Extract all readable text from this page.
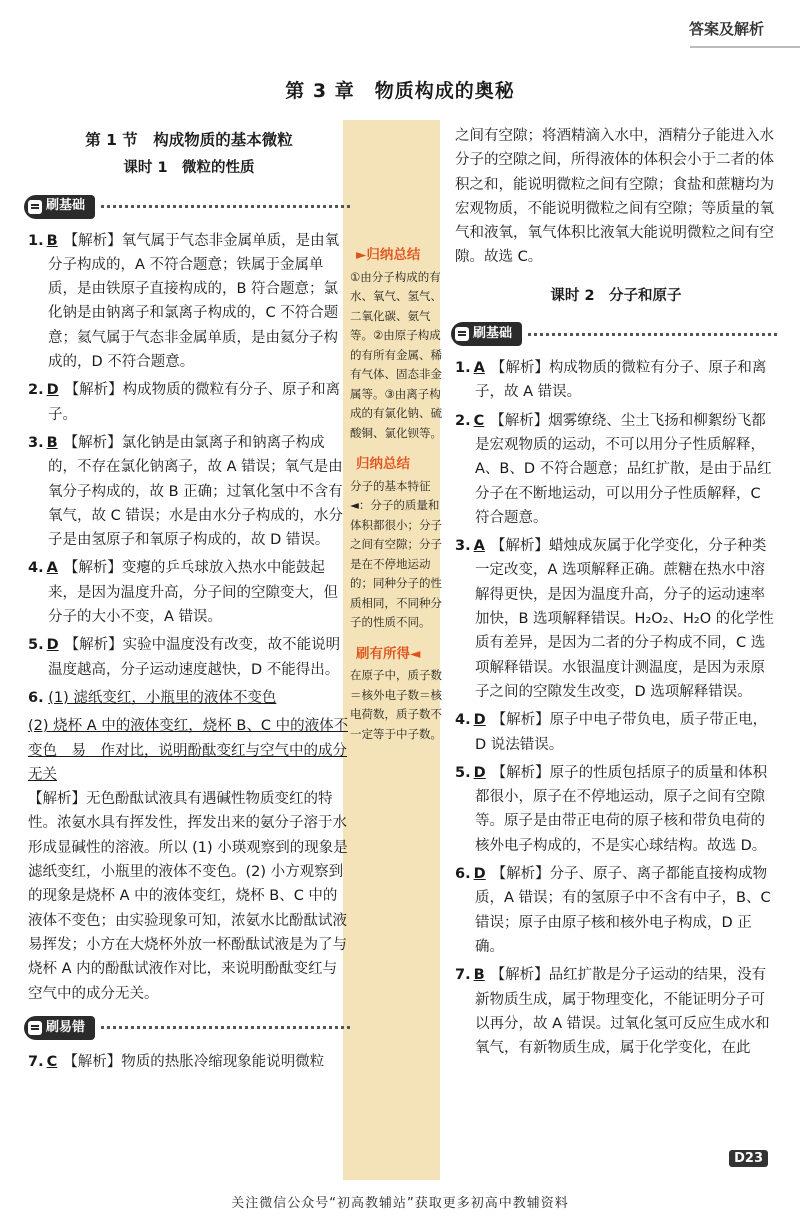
答案及解析
第 3 章　物质构成的奥秘
►归纳总结

①由分子构成的有水、氧气、氢气、二氧化碳、氨气等。②由原子构成的有所有金属、稀有气体、固态非金属等。③由离子构成的有氯化钠、硫酸铜、氯化钡等。

归纳总结

分子的基本特征◄：分子的质量和体积都很小；分子之间有空隙；分子是在不停地运动的；同种分子的性质相同，不同种分子的性质不同。

刷有所得◄

在原子中，质子数＝核外电子数＝核电荷数，质子数不一定等于中子数。

第 1 节　构成物质的基本微粒
课时 1　微粒的性质
刷基础
1. B 【解析】氧气属于气态非金属单质，是由氧分子构成的，A 不符合题意；铁属于金属单质，是由铁原子直接构成的，B 符合题意；氯化钠是由钠离子和氯离子构成的，C 不符合题意；氦气属于气态非金属单质，是由氦分子构成的，D 不符合题意。
2. D 【解析】构成物质的微粒有分子、原子和离子。
3. B 【解析】氯化钠是由氯离子和钠离子构成的，不存在氯化钠离子，故 A 错误；氧气是由氧分子构成的，故 B 正确；过氧化氢中不含有氧气，故 C 错误；水是由水分子构成的，水分子是由氢原子和氧原子构成的，故 D 错误。
4. A 【解析】变瘪的乒乓球放入热水中能鼓起来，是因为温度升高，分子间的空隙变大，但分子的大小不变，A 错误。
5. D 【解析】实验中温度没有改变，故不能说明温度越高，分子运动速度越快，D 不能得出。
6. (1) 滤纸变红，小瓶里的液体不变色

(2) 烧杯 A 中的液体变红，烧杯 B、C 中的液体不变色　易　作对比，说明酚酞变红与空气中的成分无关

【解析】无色酚酞试液具有遇碱性物质变红的特性。浓氨水具有挥发性，挥发出来的氨分子溶于水形成显碱性的溶液。所以 (1) 小瑛观察到的现象是滤纸变红，小瓶里的液体不变色。(2) 小方观察到的现象是烧杯 A 中的液体变红，烧杯 B、C 中的液体不变色；由实验现象可知，浓氨水比酚酞试液易挥发；小方在大烧杯外放一杯酚酞试液是为了与烧杯 A 内的酚酞试液作对比，来说明酚酞变红与空气中的成分无关。

刷易错
7. C 【解析】物质的热胀冷缩现象能说明微粒

之间有空隙；将酒精滴入水中，酒精分子能进入水分子的空隙之间，所得液体的体积会小于二者的体积之和，能说明微粒之间有空隙；食盐和蔗糖均为宏观物质，不能说明微粒之间有空隙；等质量的氧气和液氧，氧气体积比液氧大能说明微粒之间有空隙。故选 C。

课时 2　分子和原子
刷基础
1. A 【解析】构成物质的微粒有分子、原子和离子，故 A 错误。
2. C 【解析】烟雾缭绕、尘土飞扬和柳絮纷飞都是宏观物质的运动，不可以用分子性质解释，A、B、D 不符合题意；品红扩散，是由于品红分子在不断地运动，可以用分子性质解释，C 符合题意。
3. A 【解析】蜡烛成灰属于化学变化，分子种类一定改变，A 选项解释正确。蔗糖在热水中溶解得更快，是因为温度升高，分子的运动速率加快，B 选项解释错误。H₂O₂、H₂O 的化学性质有差异，是因为二者的分子构成不同，C 选项解释错误。水银温度计测温度，是因为汞原子之间的空隙发生改变，D 选项解释错误。
4. D 【解析】原子中电子带负电，质子带正电，D 说法错误。
5. D 【解析】原子的性质包括原子的质量和体积都很小，原子在不停地运动，原子之间有空隙等。原子是由带正电荷的原子核和带负电荷的核外电子构成的，不是实心球结构。故选 D。
6. D 【解析】分子、原子、离子都能直接构成物质，A 错误；有的氢原子中不含有中子，B、C 错误；原子由原子核和核外电子构成，D 正确。
7. B 【解析】品红扩散是分子运动的结果，没有新物质生成，属于物理变化，不能证明分子可以再分，故 A 错误。过氧化氢可反应生成水和氧气，有新物质生成，属于化学变化，在此
D23
关注微信公众号“初高教辅站”获取更多初高中教辅资料
